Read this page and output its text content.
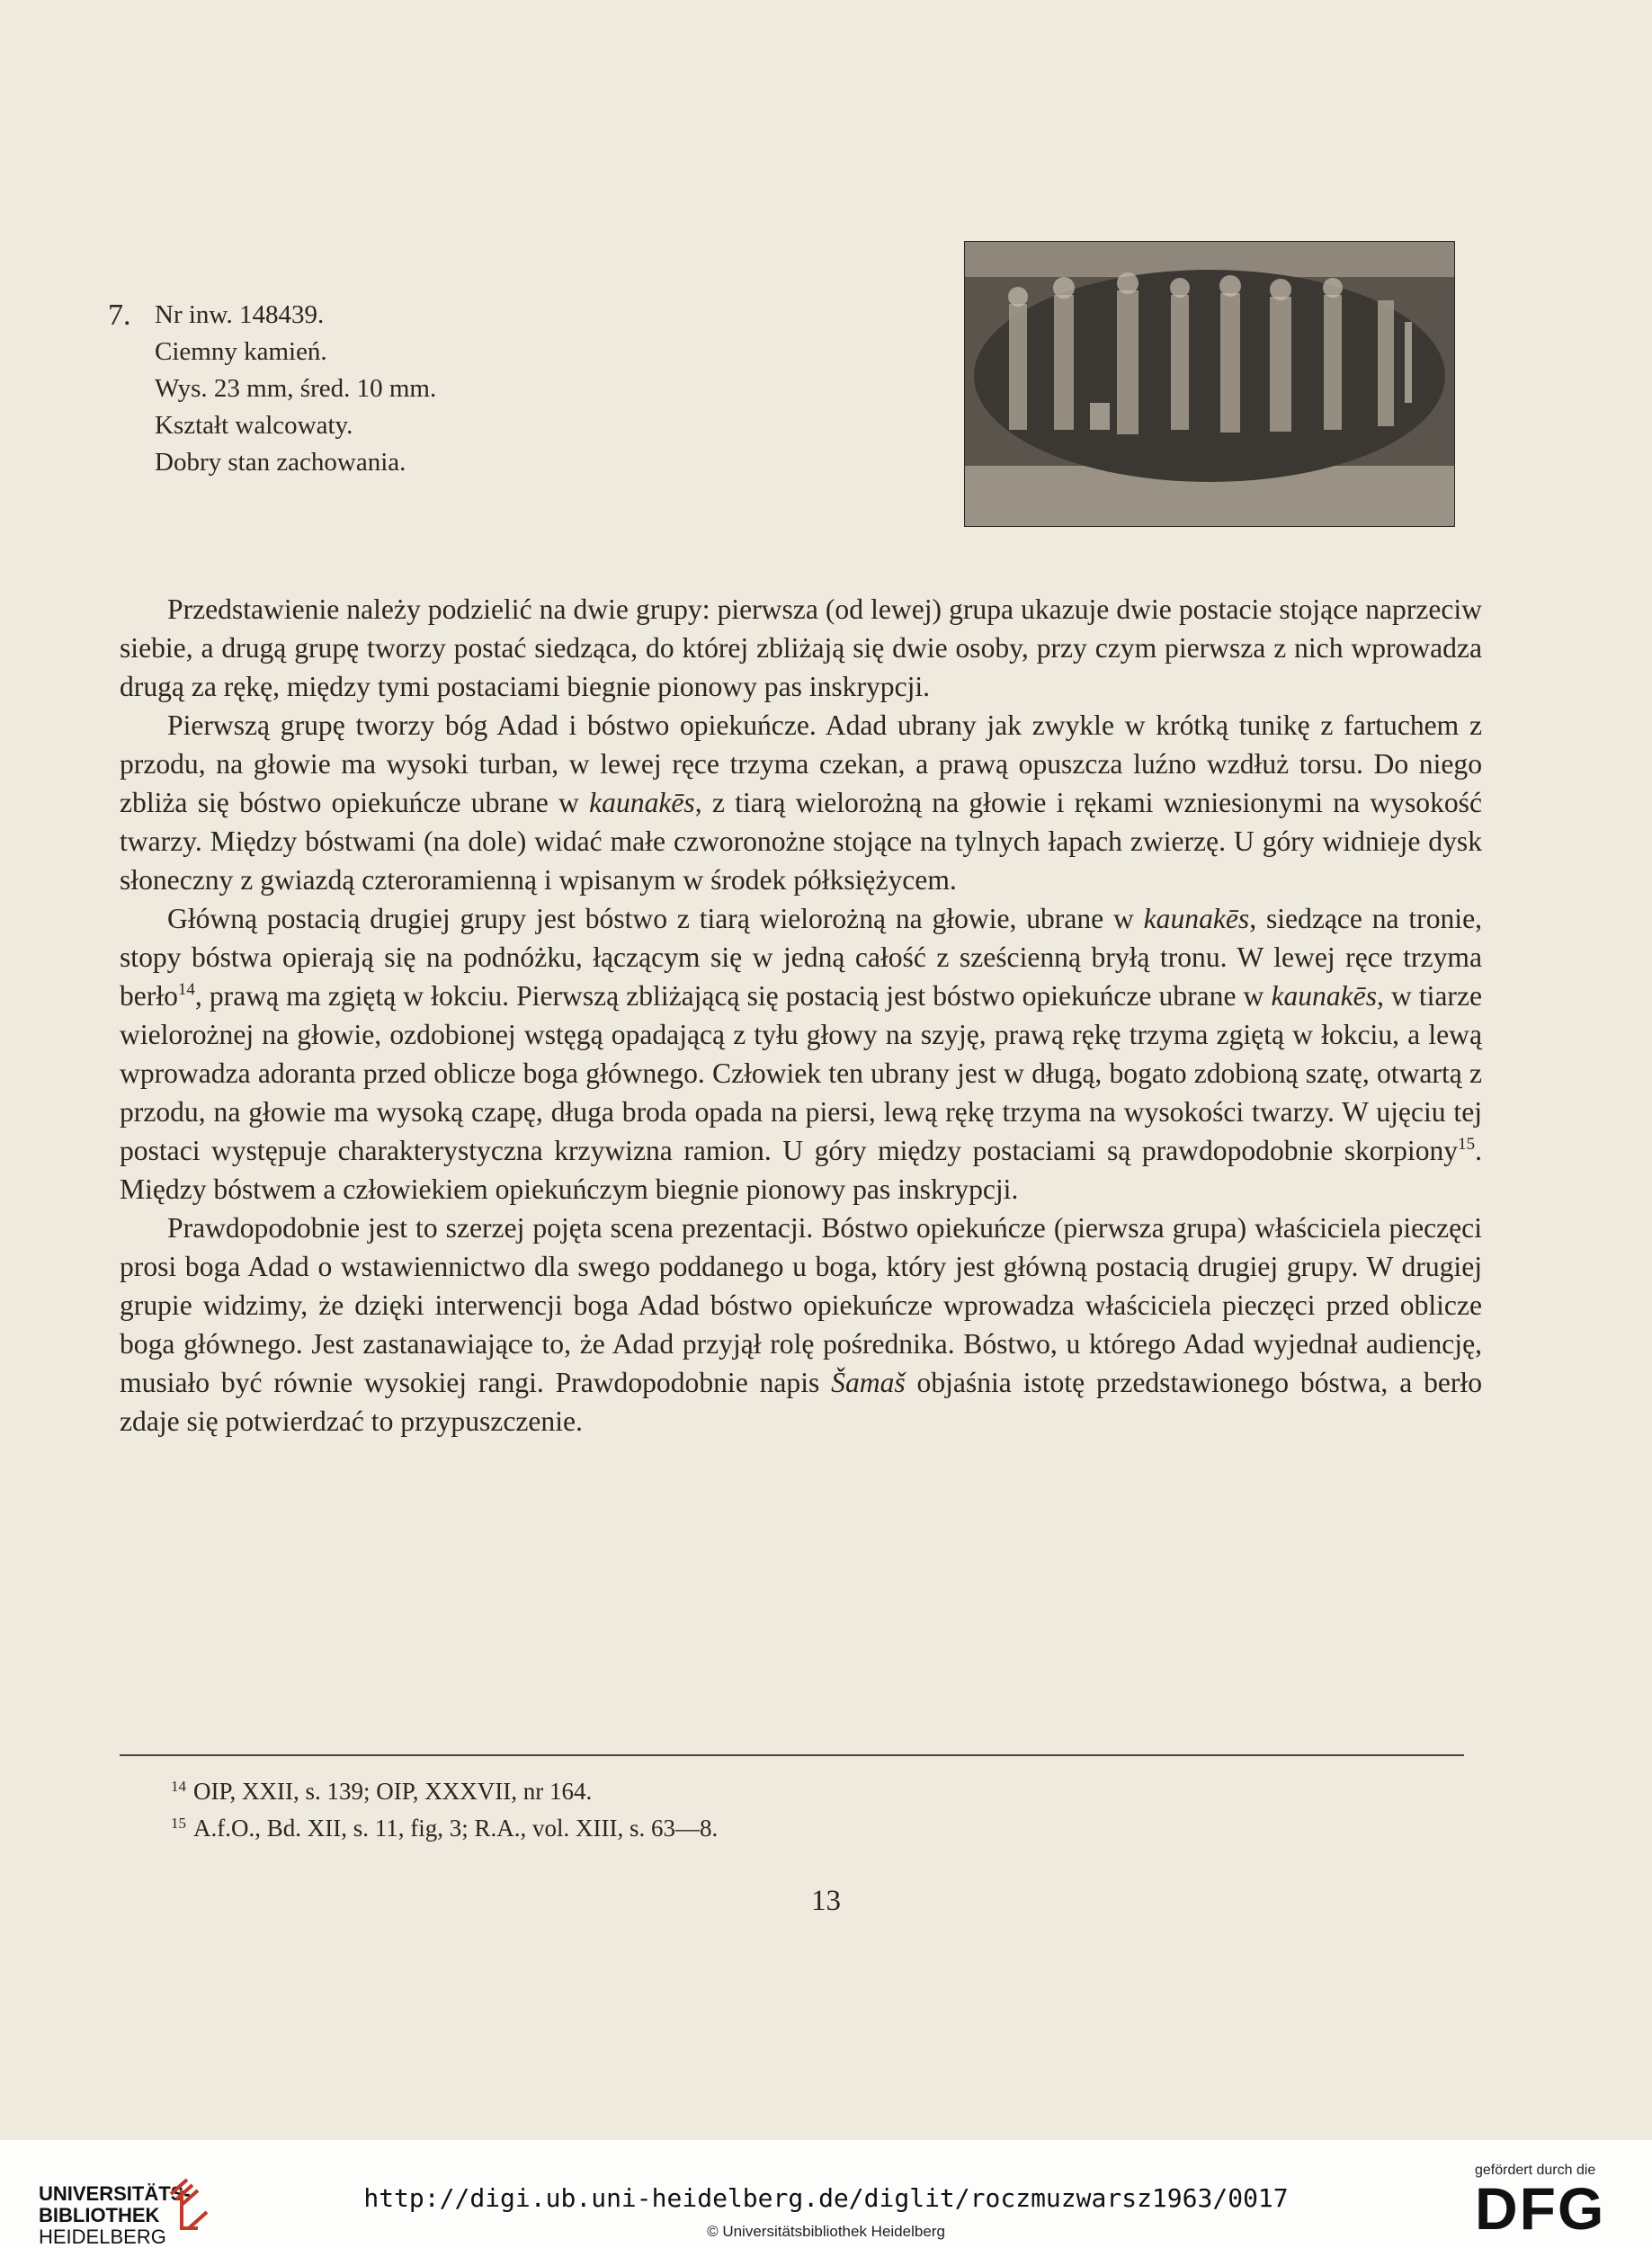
7. Nr inw. 148439.
Ciemny kamień.
Wys. 23 mm, śred. 10 mm.
Kształt walcowaty.
Dobry stan zachowania.

Przedstawienie należy podzielić na dwie grupy: pierwsza (od lewej) grupa ukazuje dwie postacie stojące naprzeciw siebie, a drugą grupę tworzy postać siedząca, do której zbliżają się dwie osoby, przy czym pierwsza z nich wprowadza drugą za rękę, między tymi postaciami biegnie pionowy pas inskrypcji.

Pierwszą grupę tworzy bóg Adad i bóstwo opiekuńcze. Adad ubrany jak zwykle w krótką tunikę z fartuchem z przodu, na głowie ma wysoki turban, w lewej ręce trzyma czekan, a prawą opuszcza luźno wzdłuż torsu. Do niego zbliża się bóstwo opiekuńcze ubrane w kaunakēs, z tiarą wielorożną na głowie i rękami wzniesionymi na wysokość twarzy. Między bóstwami (na dole) widać małe czworonożne stojące na tylnych łapach zwierzę. U góry widnieje dysk słoneczny z gwiazdą czteroramienną i wpisanym w środek półksiężycem.

Główną postacią drugiej grupy jest bóstwo z tiarą wielorożną na głowie, ubrane w kaunakēs, siedzące na tronie, stopy bóstwa opierają się na podnóżku, łączącym się w jedną całość z sześcienną bryłą tronu. W lewej ręce trzyma berło$^{14}$, prawą ma zgiętą w łokciu. Pierwszą zbliżającą się postacią jest bóstwo opiekuńcze ubrane w kaunakēs, w tiarze wielorożnej na głowie, ozdobionej wstęgą opadającą z tyłu głowy na szyję, prawą rękę trzyma zgiętą w łokciu, a lewą wprowadza adoranta przed oblicze boga głównego. Człowiek ten ubrany jest w długą, bogato zdobioną szatę, otwartą z przodu, na głowie ma wysoką czapę, długa broda opada na piersi, lewą rękę trzyma na wysokości twarzy. W ujęciu tej postaci występuje charakterystyczna krzywizna ramion. U góry między postaciami są prawdopodobnie skorpiony$^{15}$. Między bóstwem a człowiekiem opiekuńczym biegnie pionowy pas inskrypcji.

Prawdopodobnie jest to szerzej pojęta scena prezentacji. Bóstwo opiekuńcze (pierwsza grupa) właściciela pieczęci prosi boga Adad o wstawiennictwo dla swego poddanego u boga, który jest główną postacią drugiej grupy. W drugiej grupie widzimy, że dzięki interwencji boga Adad bóstwo opiekuńcze wprowadza właściciela pieczęci przed oblicze boga głównego. Jest zastanawiające to, że Adad przyjął rolę pośrednika. Bóstwo, u którego Adad wyjednał audiencję, musiało być równie wysokiej rangi. Prawdopodobnie napis Šamaš objaśnia istotę przedstawionego bóstwa, a berło zdaje się potwierdzać to przypuszczenie.

$^{14}$ OIP, XXII, s. 139; OIP, XXXVII, nr 164.
$^{15}$ A.f.O., Bd. XII, s. 11, fig, 3; R.A., vol. XIII, s. 63—8.
13
UNIVERSITÄTS-
BIBLIOTHEK
HEIDELBERG
http://digi.ub.uni-heidelberg.de/diglit/roczmuzwarsz1963/0017
© Universitätsbibliothek Heidelberg
gefördert durch die
DFG
